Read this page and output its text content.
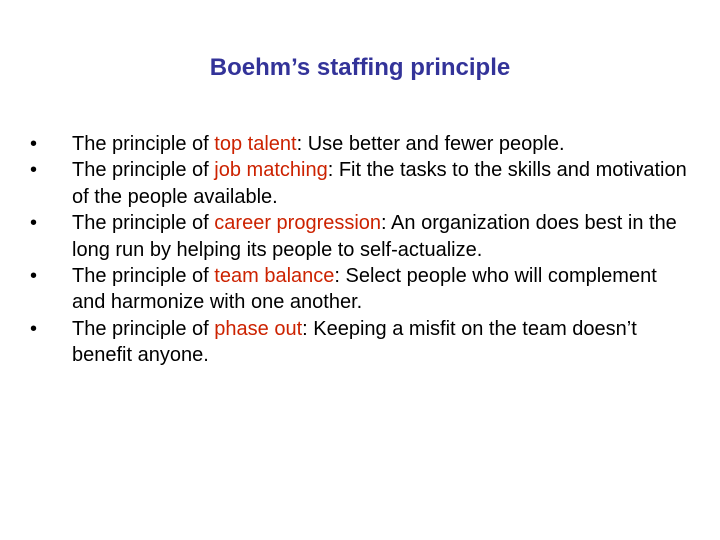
Boehm’s staffing principle
•	The principle of top talent: Use better and fewer people.
•	The principle of job matching: Fit the tasks to the skills and motivation of the people available.
•	The principle of career progression: An organization does best in the long run by helping its people to self-actualize.
•	The principle of team balance: Select people who will complement and harmonize with one another.
•	The principle of phase out: Keeping a misfit on the team doesn’t benefit anyone.
